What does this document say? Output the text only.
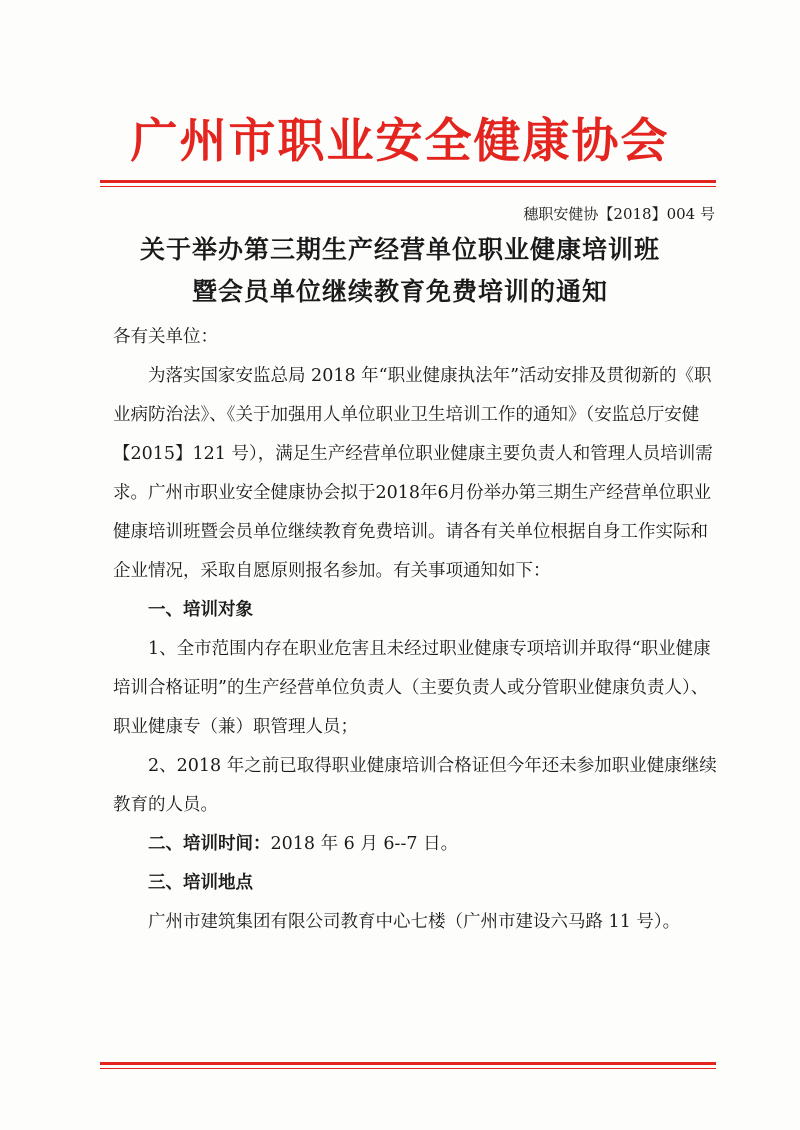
广州市职业安全健康协会
穗职安健协【2018】004 号
关于举办第三期生产经营单位职业健康培训班
暨会员单位继续教育免费培训的通知

各有关单位：

为落实国家安监总局 2018 年“职业健康执法年”活动安排及贯彻新的《职业病防治法》、《关于加强用人单位职业卫生培训工作的通知》（安监总厅安健【2015】121 号），满足生产经营单位职业健康主要负责人和管理人员培训需求。广州市职业安全健康协会拟于2018年6月份举办第三期生产经营单位职业健康培训班暨会员单位继续教育免费培训。请各有关单位根据自身工作实际和企业情况，采取自愿原则报名参加。有关事项通知如下：

一、培训对象

1、全市范围内存在职业危害且未经过职业健康专项培训并取得“职业健康培训合格证明”的生产经营单位负责人（主要负责人或分管职业健康负责人）、职业健康专（兼）职管理人员；

2、2018 年之前已取得职业健康培训合格证但今年还未参加职业健康继续教育的人员。

二、培训时间：2018 年 6 月 6--7 日。

三、培训地点

广州市建筑集团有限公司教育中心七楼（广州市建设六马路 11 号）。
